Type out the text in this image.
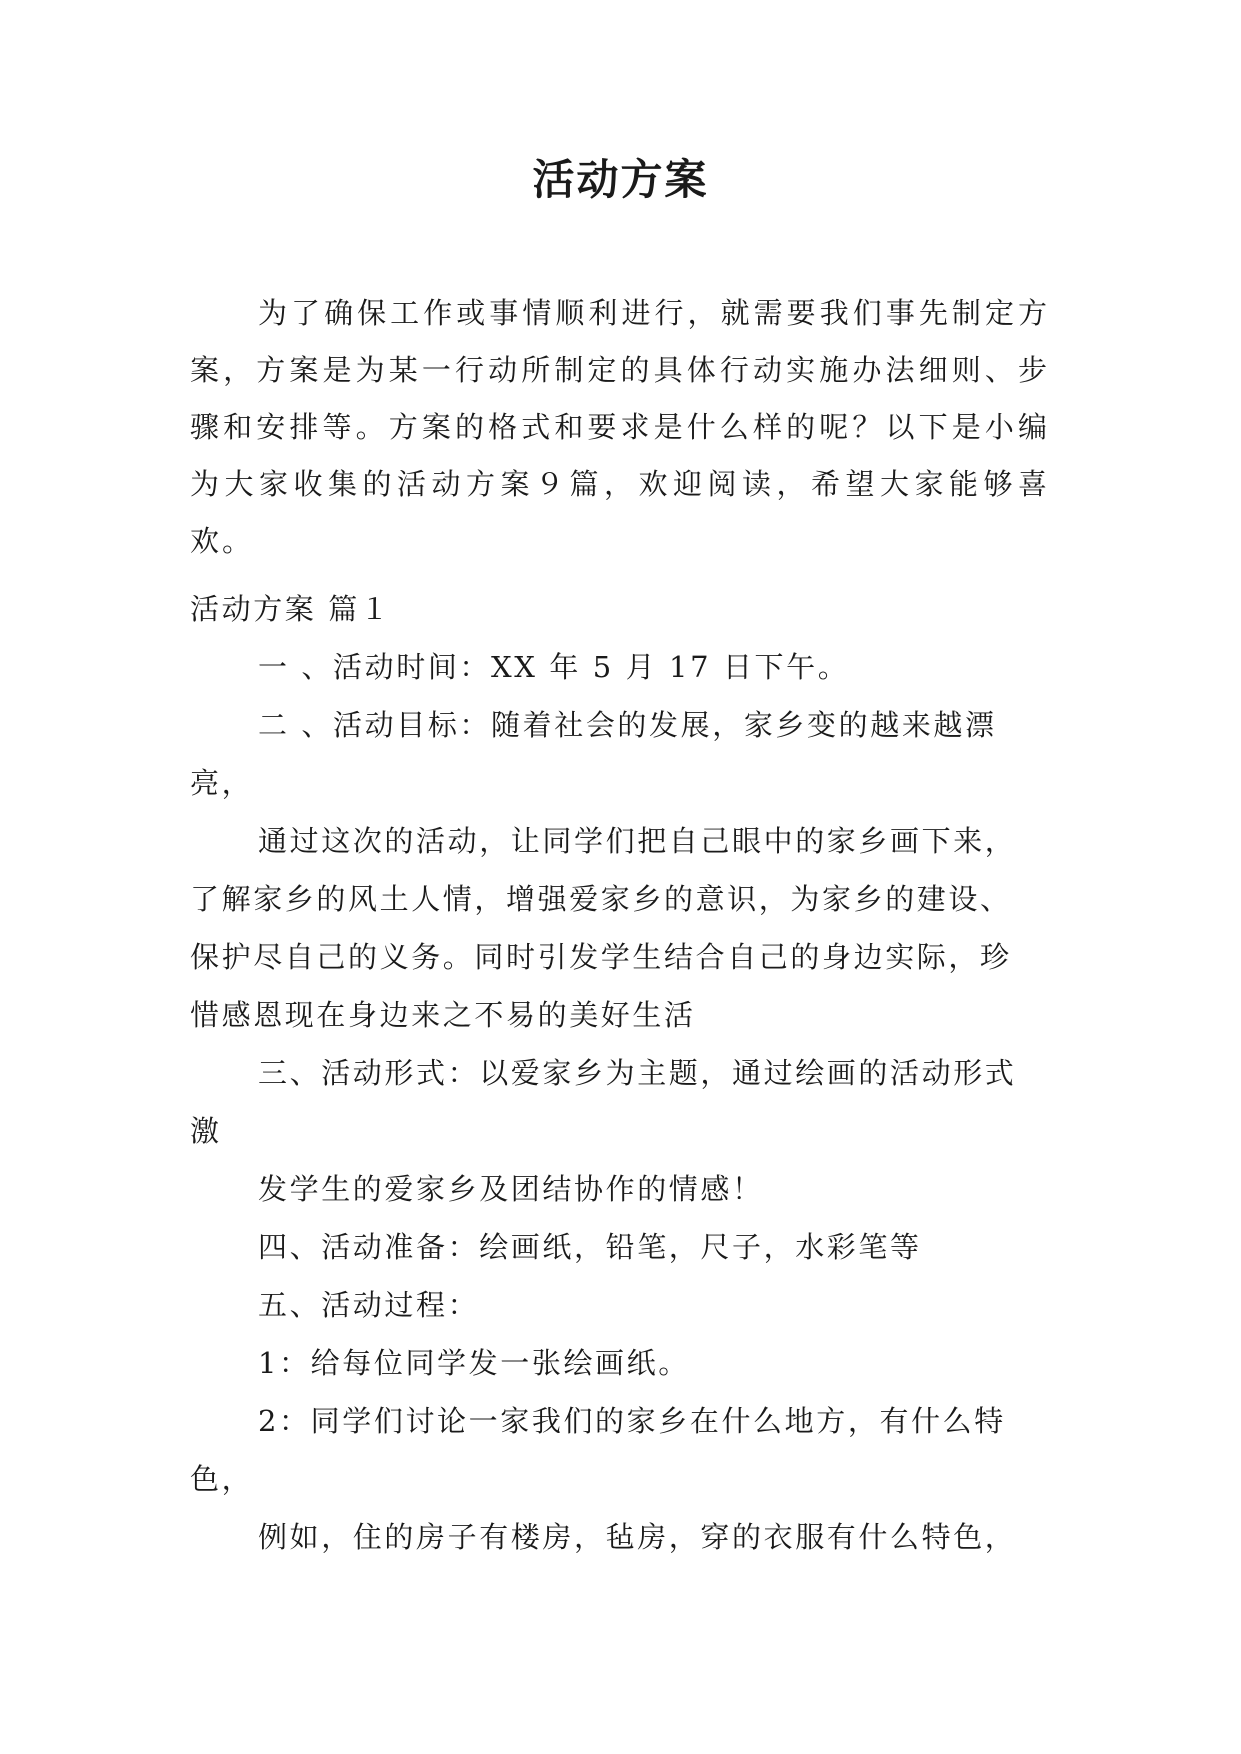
活动方案

为了确保工作或事情顺利进行，就需要我们事先制定方案，方案是为某一行动所制定的具体行动实施办法细则、步骤和安排等。方案的格式和要求是什么样的呢？以下是小编为大家收集的活动方案９篇，欢迎阅读，希望大家能够喜欢。

活动方案 篇１
一 、活动时间：XX 年 5 月 17 日下午。
二 、活动目标：随着社会的发展，家乡变的越来越漂
亮，
通过这次的活动，让同学们把自己眼中的家乡画下来，
了解家乡的风土人情，增强爱家乡的意识，为家乡的建设、
保护尽自己的义务。同时引发学生结合自己的身边实际，珍
惜感恩现在身边来之不易的美好生活
三、活动形式：以爱家乡为主题，通过绘画的活动形式
激
发学生的爱家乡及团结协作的情感！
四、活动准备：绘画纸，铅笔，尺子，水彩笔等
五、活动过程：
1：给每位同学发一张绘画纸。
2：同学们讨论一家我们的家乡在什么地方，有什么特
色，
例如，住的房子有楼房，毡房，穿的衣服有什么特色，
